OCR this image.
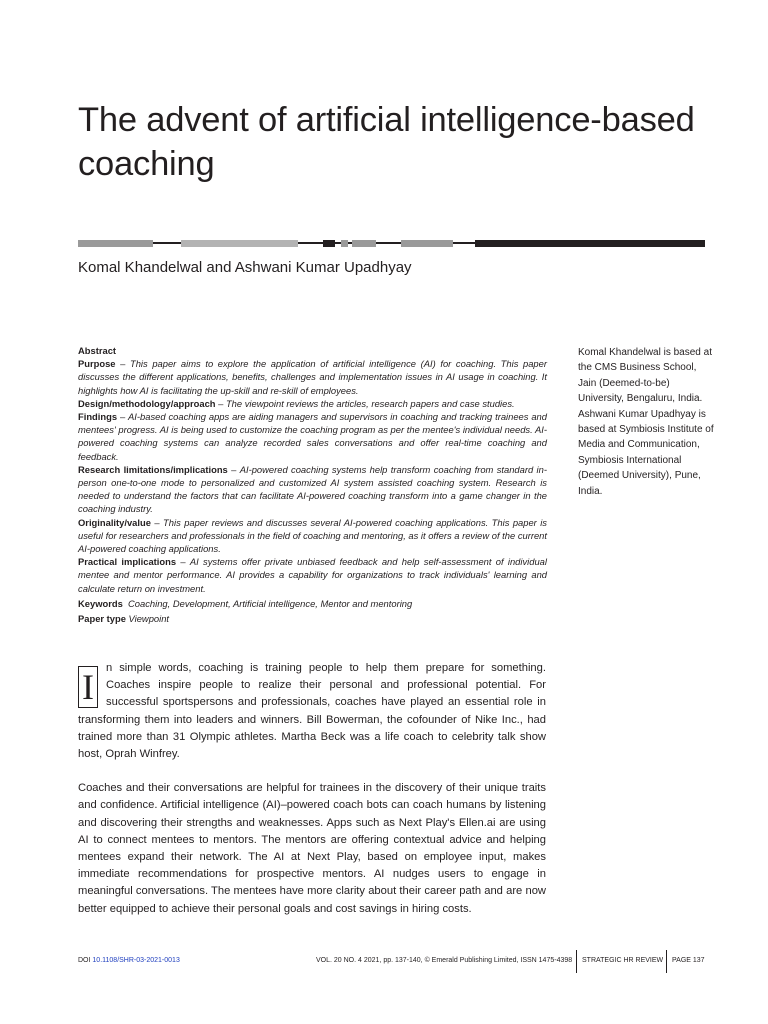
The advent of artificial intelligence-based coaching
Komal Khandelwal and Ashwani Kumar Upadhyay

Abstract

Purpose – This paper aims to explore the application of artificial intelligence (AI) for coaching. This paper discusses the different applications, benefits, challenges and implementation issues in AI usage in coaching. It highlights how AI is facilitating the up-skill and re-skill of employees.

Design/methodology/approach – The viewpoint reviews the articles, research papers and case studies.

Findings – AI-based coaching apps are aiding managers and supervisors in coaching and tracking trainees and mentees' progress. AI is being used to customize the coaching program as per the mentee's individual needs. AI-powered coaching systems can analyze recorded sales conversations and offer real-time coaching and feedback.

Research limitations/implications – AI-powered coaching systems help transform coaching from standard in-person one-to-one mode to personalized and customized AI system assisted coaching system. Research is needed to understand the factors that can facilitate AI-powered coaching transform into a game changer in the coaching industry.

Originality/value – This paper reviews and discusses several AI-powered coaching applications. This paper is useful for researchers and professionals in the field of coaching and mentoring, as it offers a review of the current AI-powered coaching applications.

Practical implications – AI systems offer private unbiased feedback and help self-assessment of individual mentee and mentor performance. AI provides a capability for organizations to track individuals' learning and calculate return on investment.

Keywords Coaching, Development, Artificial intelligence, Mentor and mentoring

Paper type Viewpoint

Komal Khandelwal is based at the CMS Business School, Jain (Deemed-to-be) University, Bengaluru, India.

Ashwani Kumar Upadhyay is based at Symbiosis Institute of Media and Communication, Symbiosis International (Deemed University), Pune, India.

I	n simple words, coaching is training people to help them prepare for something. Coaches inspire people to realize their personal and professional potential. For successful sportspersons and professionals, coaches have played an essential role in transforming them into leaders and winners. Bill Bowerman, the cofounder of Nike Inc., had trained more than 31 Olympic athletes. Martha Beck was a life coach to celebrity talk show host, Oprah Winfrey.

Coaches and their conversations are helpful for trainees in the discovery of their unique traits and confidence. Artificial intelligence (AI)–powered coach bots can coach humans by listening and discovering their strengths and weaknesses. Apps such as Next Play's Ellen.ai are using AI to connect mentees to mentors. The mentors are offering contextual advice and helping mentees expand their network. The AI at Next Play, based on employee input, makes immediate recommendations for prospective mentors. AI nudges users to engage in meaningful conversations. The mentees have more clarity about their career path and are now better equipped to achieve their personal goals and cost savings in hiring costs.

DOI 10.1108/SHR-03-2021-0013	VOL. 20 NO. 4 2021, pp. 137-140, © Emerald Publishing Limited, ISSN 1475-4398 STRATEGIC HR REVIEW PAGE 137
